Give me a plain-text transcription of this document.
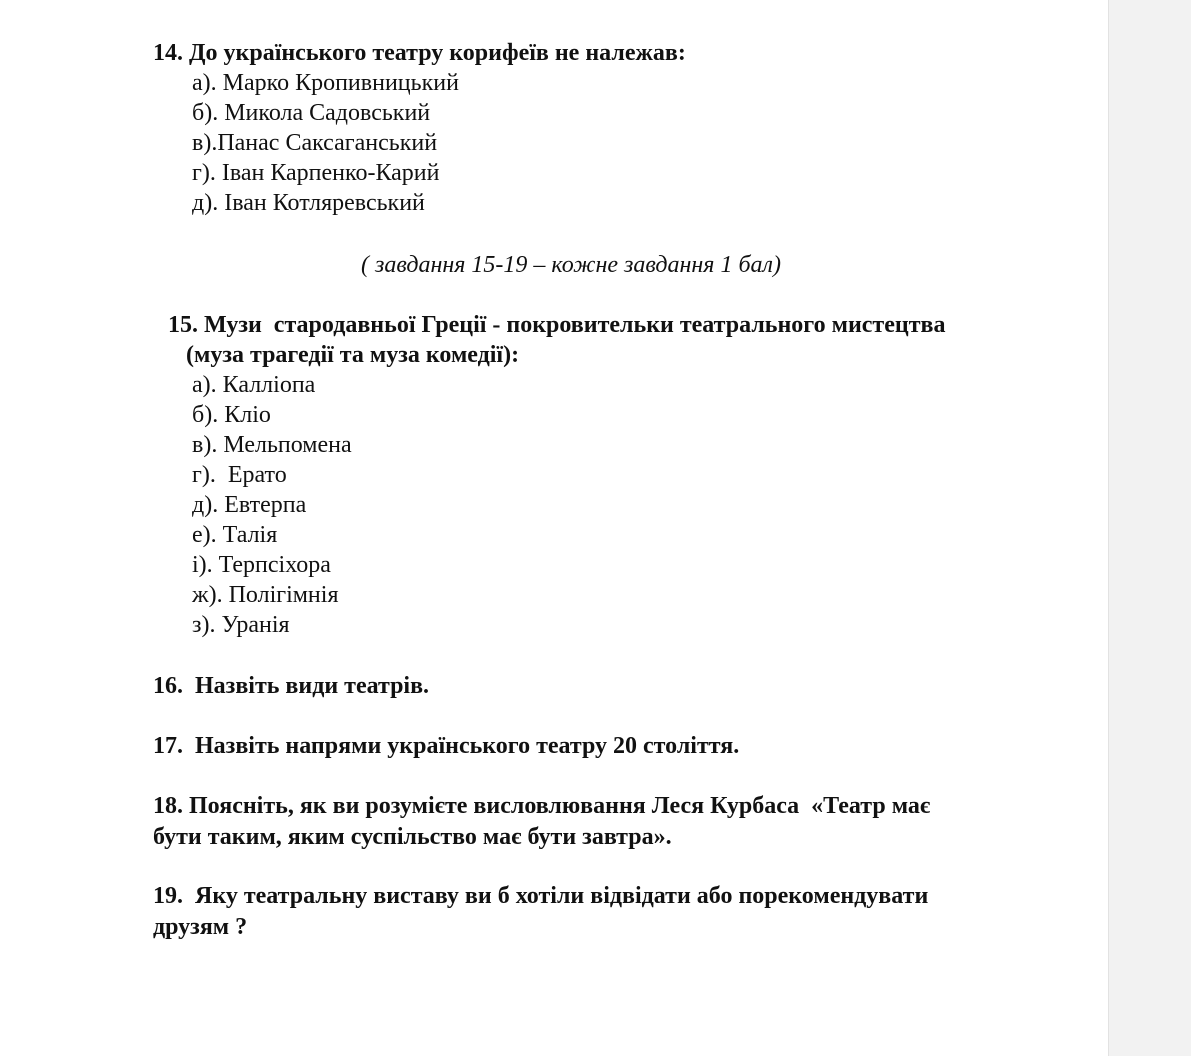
14. До українського театру корифеїв не належав:
а). Марко Кропивницький
б). Микола Садовський
в).Панас Саксаганський
г). Іван Карпенко-Карий
д). Іван Котляревський
( завдання 15-19 – кожне завдання 1 бал)
15. Музи  стародавньої Греції - покровительки театрального мистецтва
(муза трагедії та муза комедії):
а). Каллiопа
б). Кліо
в). Мельпомена
г).  Ерато
д). Евтерпа
е). Талія
і). Терпсіхора
ж). Полігімнія
з). Уранія
16.  Назвіть види театрів.
17.  Назвіть напрями українського театру 20 століття.
18. Поясніть, як ви розумієте висловлювання Леся Курбаса  «Театр має
бути таким, яким суспільство має бути завтра».
19.  Яку театральну виставу ви б хотіли відвідати або порекомендувати
друзям ?
